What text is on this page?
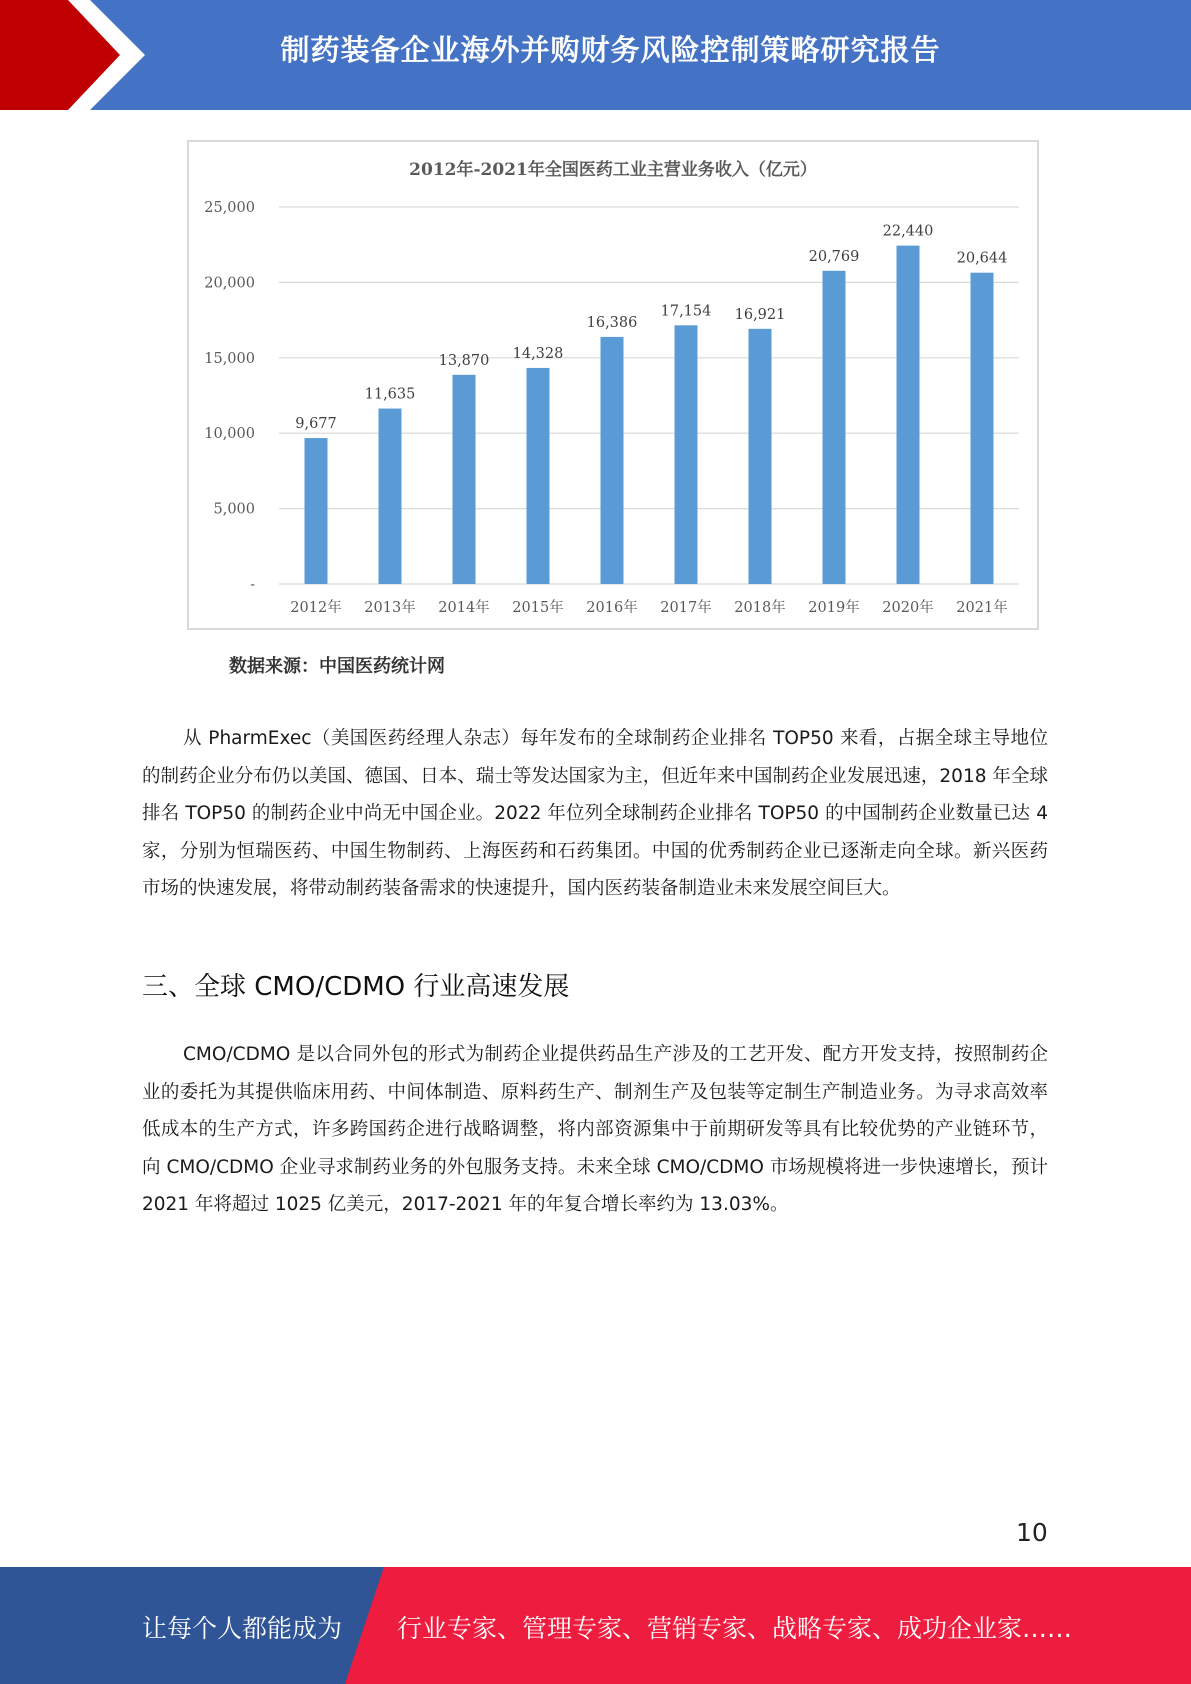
制药装备企业海外并购财务风险控制策略研究报告
2012年-2021年全国医药工业主营业务收入（亿元）
-
5,000
10,000
15,000
20,000
25,000
9,677
2012年
11,635
2013年
13,870
2014年
14,328
2015年
16,386
2016年
17,154
2017年
16,921
2018年
20,769
2019年
22,440
2020年
20,644
2021年
数据来源：中国医药统计网

从 PharmExec（美国医药经理人杂志）每年发布的全球制药企业排名 TOP50 来看，占据全球主导地位的制药企业分布仍以美国、德国、日本、瑞士等发达国家为主，但近年来中国制药企业发展迅速，2018 年全球排名 TOP50 的制药企业中尚无中国企业。2022 年位列全球制药企业排名 TOP50 的中国制药企业数量已达 4 家，分别为恒瑞医药、中国生物制药、上海医药和石药集团。中国的优秀制药企业已逐渐走向全球。新兴医药市场的快速发展，将带动制药装备需求的快速提升，国内医药装备制造业未来发展空间巨大。

三、全球 CMO/CDMO 行业高速发展

CMO/CDMO 是以合同外包的形式为制药企业提供药品生产涉及的工艺开发、配方开发支持，按照制药企业的委托为其提供临床用药、中间体制造、原料药生产、制剂生产及包装等定制生产制造业务。为寻求高效率低成本的生产方式，许多跨国药企进行战略调整，将内部资源集中于前期研发等具有比较优势的产业链环节，向 CMO/CDMO 企业寻求制药业务的外包服务支持。未来全球 CMO/CDMO 市场规模将进一步快速增长，预计 2021 年将超过 1025 亿美元，2017-2021 年的年复合增长率约为 13.03%。

10
让每个人都能成为 行业专家、管理专家、营销专家、战略专家、成功企业家……
